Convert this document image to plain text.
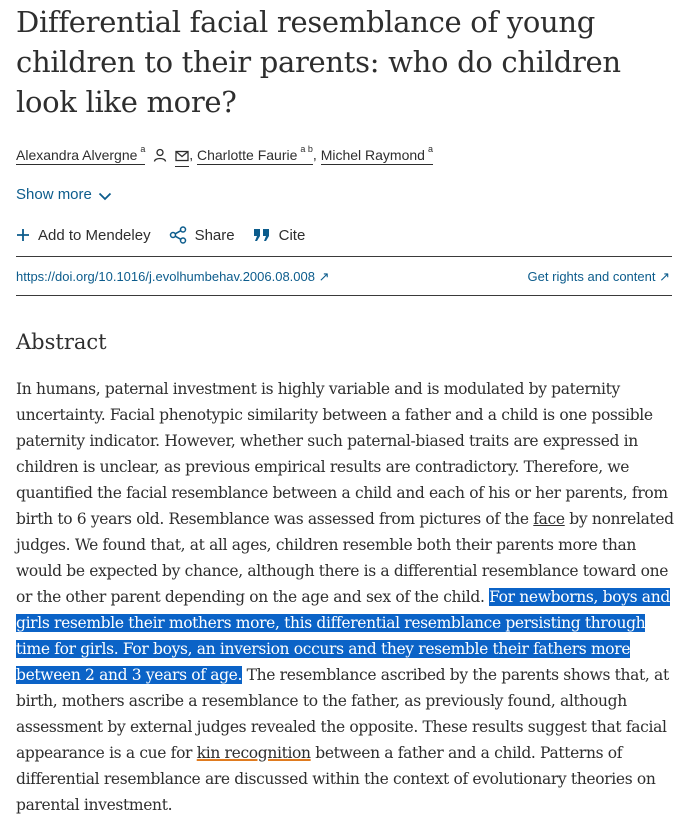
Differential facial resemblance of young children to their parents: who do children look like more?
Alexandra Alvergne $^a$	, Charlotte Faurie $^{a b}$, Michel Raymond $^a$
Show more
Add to Mendeley	Share	Cite
https://doi.org/10.1016/j.evolhumbehav.2006.08.008 ↗	Get rights and content ↗
Abstract

In humans, paternal investment is highly variable and is modulated by paternity uncertainty. Facial phenotypic similarity between a father and a child is one possible paternity indicator. However, whether such paternal-biased traits are expressed in children is unclear, as previous empirical results are contradictory. Therefore, we quantified the facial resemblance between a child and each of his or her parents, from birth to 6 years old. Resemblance was assessed from pictures of the face by nonrelated judges. We found that, at all ages, children resemble both their parents more than would be expected by chance, although there is a differential resemblance toward one or the other parent depending on the age and sex of the child. For newborns, boys and girls resemble their mothers more, this differential resemblance persisting through time for girls. For boys, an inversion occurs and they resemble their fathers more between 2 and 3 years of age. The resemblance ascribed by the parents shows that, at birth, mothers ascribe a resemblance to the father, as previously found, although assessment by external judges revealed the opposite. These results suggest that facial appearance is a cue for kin recognition between a father and a child. Patterns of differential resemblance are discussed within the context of evolutionary theories on parental investment.
